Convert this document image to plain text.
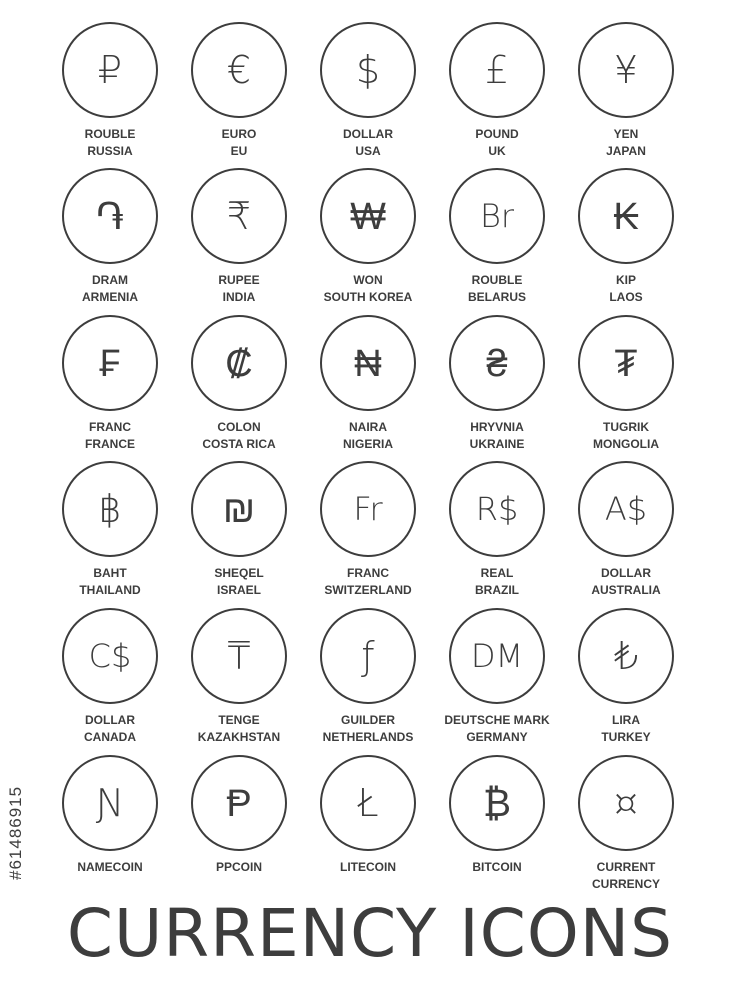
₽
ROUBLE
RUSSIA
€
EURO
EU
$
DOLLAR
USA
£
POUND
UK
¥
YEN
JAPAN
֏
DRAM
ARMENIA
₹
RUPEE
INDIA
₩
WON
SOUTH KOREA
Br
ROUBLE
BELARUS
₭
KIP
LAOS
₣
FRANC
FRANCE
₡
COLON
COSTA RICA
₦
NAIRA
NIGERIA
₴
HRYVNIA
UKRAINE
₮
TUGRIK
MONGOLIA
฿
BAHT
THAILAND
₪
SHEQEL
ISRAEL
Fr
FRANC
SWITZERLAND
R$
REAL
BRAZIL
A$
DOLLAR
AUSTRALIA
C$
DOLLAR
CANADA
₸
TENGE
KAZAKHSTAN
ƒ
GUILDER
NETHERLANDS
DM
DEUTSCHE MARK
GERMANY
₺
LIRA
TURKEY
Ɲ
NAMECOIN
Ᵽ
PPCOIN
Ł
LITECOIN
₿
BITCOIN
¤
CURRENT
CURRENCY
#61486915
CURRENCY ICONS
